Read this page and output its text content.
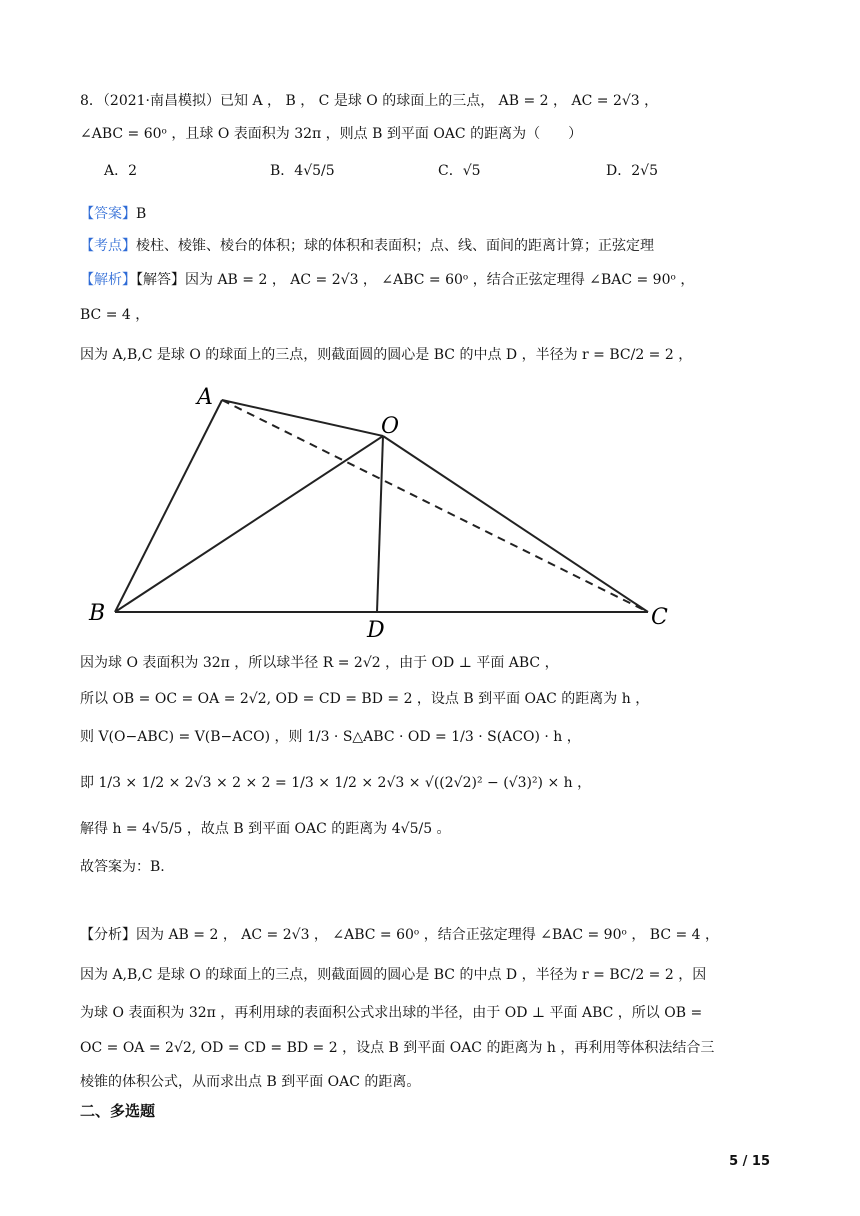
8．（2021·南昌模拟）已知 A ， B ， C 是球 O 的球面上的三点， AB = 2 ， AC = 2√3 ，
∠ABC = 60ᵒ ，且球 O 表面积为 32π ，则点 B 到平面 OAC 的距离为（　　）
A．2	B．4√5/5	C．√5	D．2√5
【答案】B
【考点】棱柱、棱锥、棱台的体积；球的体积和表面积；点、线、面间的距离计算；正弦定理
【解析】【解答】因为 AB = 2 ， AC = 2√3 ， ∠ABC = 60ᵒ ，结合正弦定理得 ∠BAC = 90ᵒ ，
BC = 4 ，
因为 A,B,C 是球 O 的球面上的三点，则截面圆的圆心是 BC 的中点 D ，半径为 r = BC/2 = 2 ，
A
O
B
D
C
因为球 O 表面积为 32π ，所以球半径 R = 2√2 ，由于 OD ⊥ 平面 ABC ，
所以 OB = OC = OA = 2√2, OD = CD = BD = 2 ，设点 B 到平面 OAC 的距离为 h ，
则 V(O−ABC) = V(B−ACO) ，则 1/3 · S△ABC · OD = 1/3 · S(ACO) · h ，
即 1/3 × 1/2 × 2√3 × 2 × 2 = 1/3 × 1/2 × 2√3 × √((2√2)² − (√3)²) × h ，
解得 h = 4√5/5 ，故点 B 到平面 OAC 的距离为 4√5/5 。
故答案为：B.
【分析】因为 AB = 2 ， AC = 2√3 ， ∠ABC = 60ᵒ ，结合正弦定理得 ∠BAC = 90ᵒ ， BC = 4 ，
因为 A,B,C 是球 O 的球面上的三点，则截面圆的圆心是 BC 的中点 D ，半径为 r = BC/2 = 2 ，因
为球 O 表面积为 32π ，再利用球的表面积公式求出球的半径，由于 OD ⊥ 平面 ABC ，所以 OB =
OC = OA = 2√2, OD = CD = BD = 2 ，设点 B 到平面 OAC 的距离为 h ，再利用等体积法结合三
棱锥的体积公式，从而求出点 B 到平面 OAC 的距离。
二、多选题
5 / 15
